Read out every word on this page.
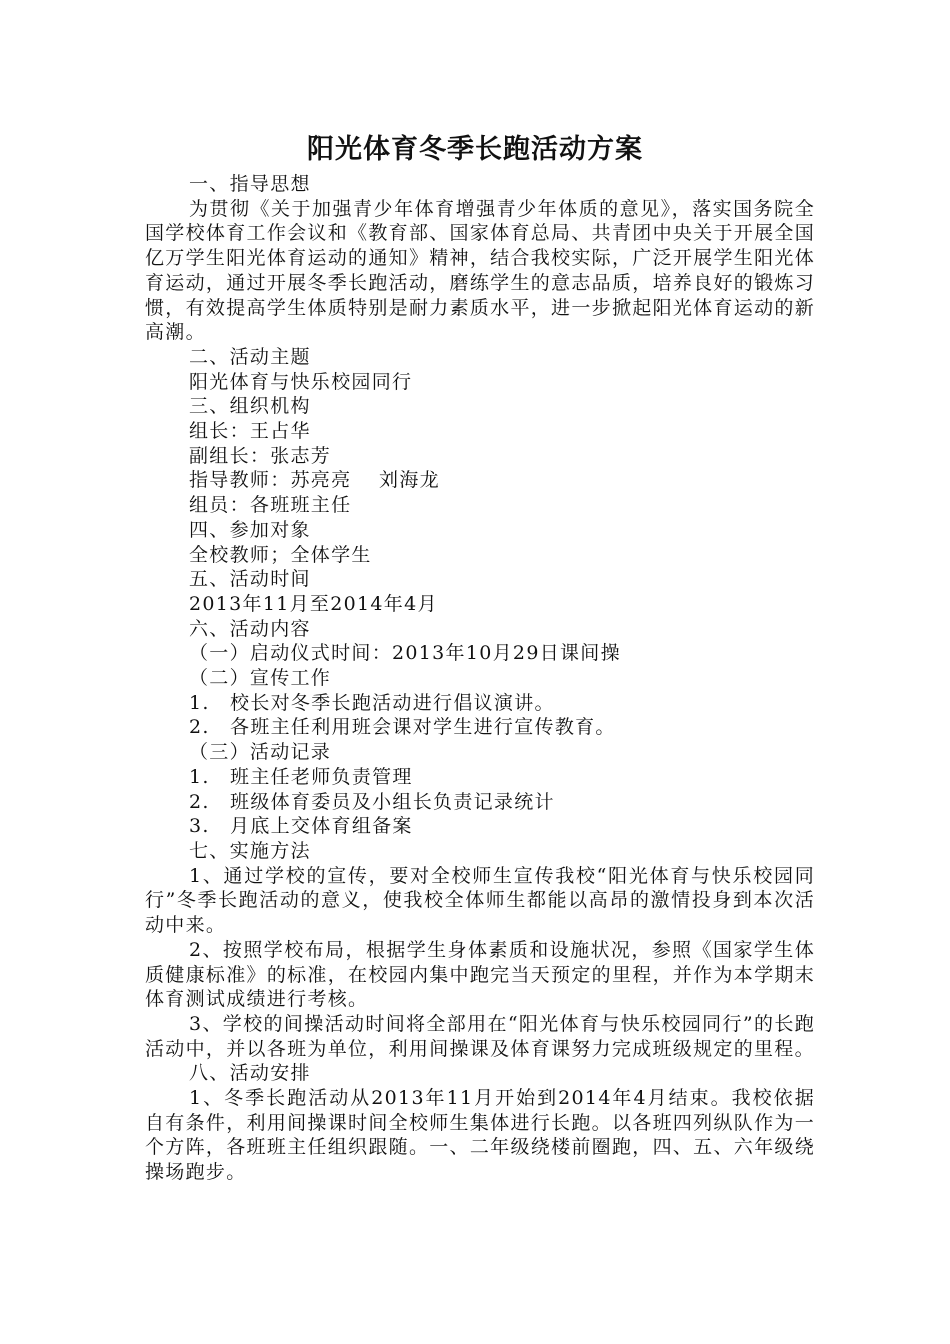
阳光体育冬季长跑活动方案

一、指导思想

为贯彻《关于加强青少年体育增强青少年体质的意见》，落实国务院全国学校体育工作会议和《教育部、国家体育总局、共青团中央关于开展全国亿万学生阳光体育运动的通知》精神，结合我校实际，广泛开展学生阳光体育运动，通过开展冬季长跑活动，磨练学生的意志品质，培养良好的锻炼习惯，有效提高学生体质特别是耐力素质水平，进一步掀起阳光体育运动的新高潮。

二、活动主题

阳光体育与快乐校园同行

三、组织机构

组长：王占华

副组长：张志芳

指导教师：苏亮亮　 刘海龙

组员：各班班主任

四、参加对象

全校教师；全体学生

五、活动时间

2013年11月至2014年4月

六、活动内容

（一）启动仪式时间：2013年10月29日课间操

（二）宣传工作

1.　校长对冬季长跑活动进行倡议演讲。

2.　各班主任利用班会课对学生进行宣传教育。

（三）活动记录

1.　班主任老师负责管理

2.　班级体育委员及小组长负责记录统计

3.　月底上交体育组备案

七、实施方法

1、通过学校的宣传，要对全校师生宣传我校“阳光体育与快乐校园同行”冬季长跑活动的意义，使我校全体师生都能以高昂的激情投身到本次活动中来。

2、按照学校布局，根据学生身体素质和设施状况，参照《国家学生体质健康标准》的标准，在校园内集中跑完当天预定的里程，并作为本学期末体育测试成绩进行考核。

3、学校的间操活动时间将全部用在“阳光体育与快乐校园同行”的长跑活动中，并以各班为单位，利用间操课及体育课努力完成班级规定的里程。

八、活动安排

1、冬季长跑活动从2013年11月开始到2014年4月结束。我校依据自有条件，利用间操课时间全校师生集体进行长跑。以各班四列纵队作为一个方阵，各班班主任组织跟随。一、二年级绕楼前圈跑，四、五、六年级绕操场跑步。
